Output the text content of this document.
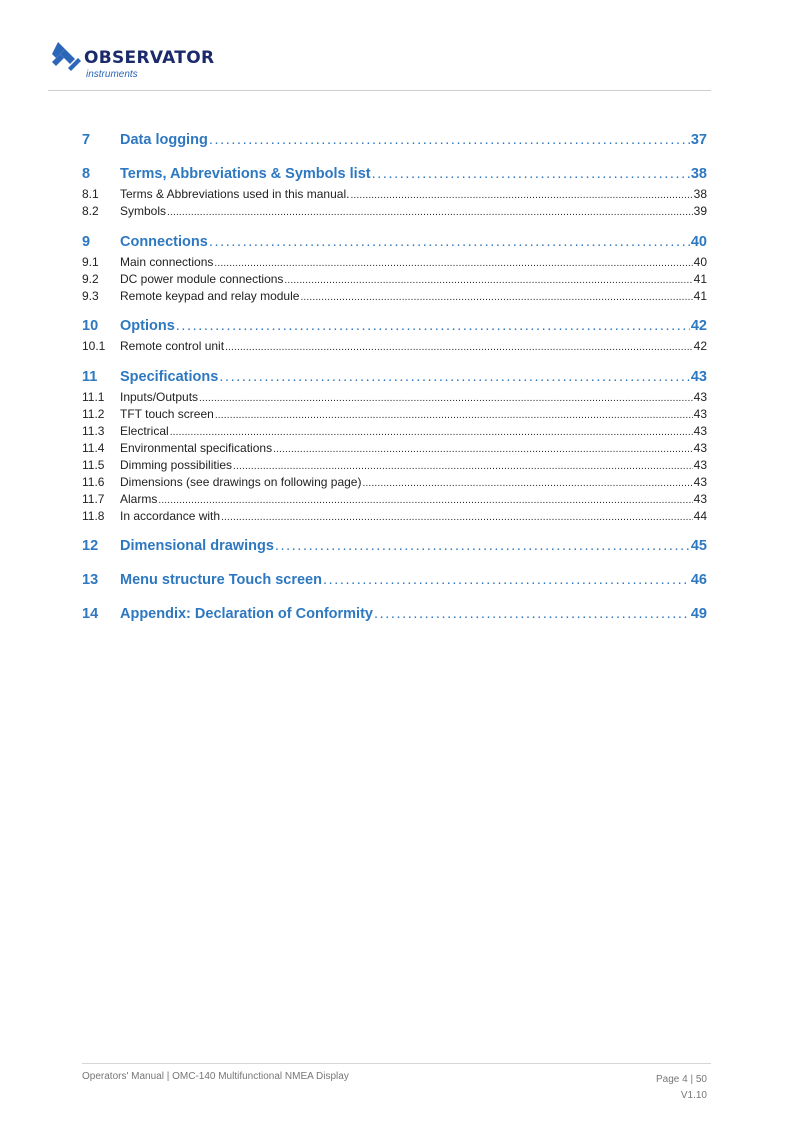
OBSERVATOR
instruments
7	Data logging .....	37
8	Terms, Abbreviations & Symbols list .....	38
8.1	Terms & Abbreviations used in this manual. .....	38
8.2	Symbols .....	39
9	Connections .....	40
9.1	Main connections .....	40
9.2	DC power module connections .....	41
9.3	Remote keypad and relay module .....	41
10	Options .....	42
10.1	Remote control unit .....	42
11	Specifications .....	43
11.1	Inputs/Outputs .....	43
11.2	TFT touch screen .....	43
11.3	Electrical .....	43
11.4	Environmental specifications .....	43
11.5	Dimming possibilities .....	43
11.6	Dimensions (see drawings on following page) .....	43
11.7	Alarms .....	43
11.8	In accordance with .....	44
12	Dimensional drawings .....	45
13	Menu structure Touch screen .....	46
14	Appendix: Declaration of Conformity .....	49
Operators' Manual | OMC-140 Multifunctional NMEA Display	Page 4 | 50
V1.10
